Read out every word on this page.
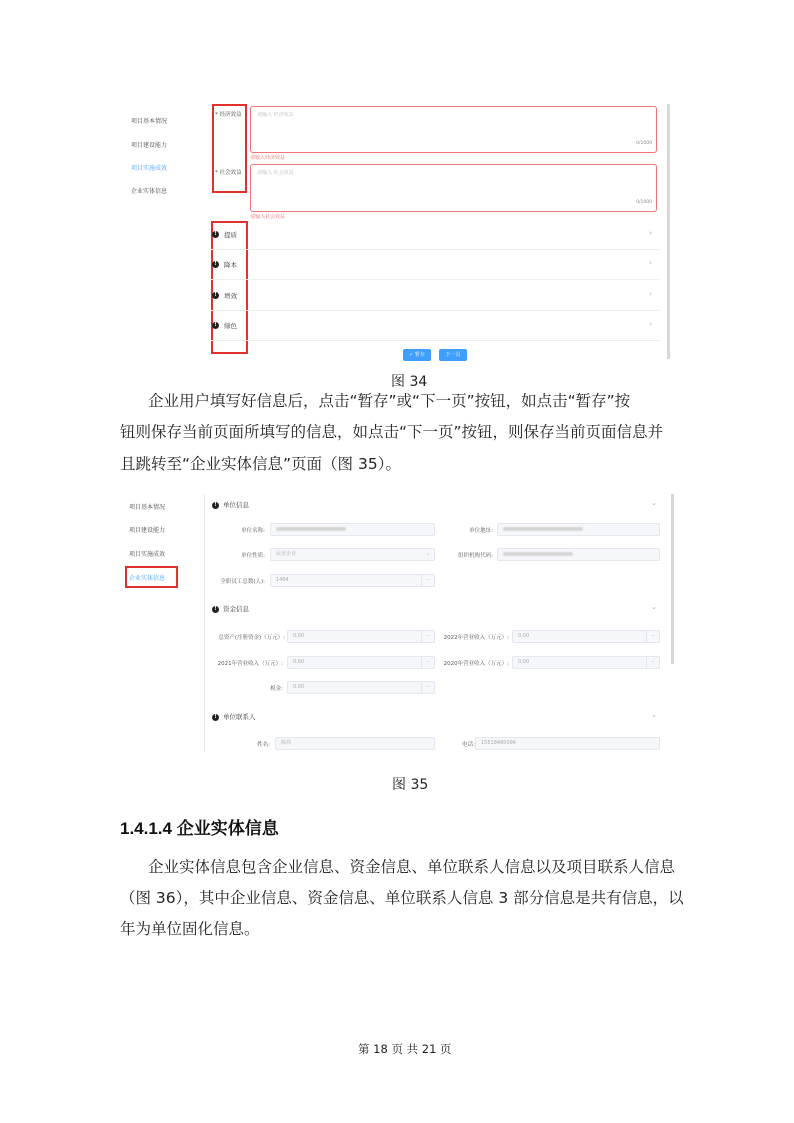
项目基本情况
项目建设能力
项目实施成效
企业实体信息
* 经济效益	请输入 经济效益
0/1000
请输入经济效益
* 社会效益	请输入 社会效益
0/1000
请输入社会效益
!	提质	›
!	降本	›
!	增效	›
!	绿色	›
✓ 暂存	下一页
图 34
企业用户填写好信息后，点击“暂存”或“下一页”按钮，如点击“暂存”按
钮则保存当前页面所填写的信息，如点击“下一页”按钮，则保存当前页面信息并
且跳转至“企业实体信息”页面（图 35）。
项目基本情况
项目建设能力
项目实施成效
企业实体信息
! 单位信息	⌄
单位名称:	单位地址:
单位性质:	民营企业	⌄	组织机构代码:
全职员工总数(人):	1464	‒
! 资金信息	⌄
总资产(注册资金)（万元）:	0.00	‒	2022年营业收入（万元）:	0.00	‒
2021年营业收入（万元）:	0.00	‒	2020年营业收入（万元）:	0.00	‒
税金:	0.00	‒
! 单位联系人	⌄
姓名:	陈伟	电话:	15518480096
图 35
1.4.1.4 企业实体信息
企业实体信息包含企业信息、资金信息、单位联系人信息以及项目联系人信息
（图 36），其中企业信息、资金信息、单位联系人信息 3 部分信息是共有信息，以
年为单位固化信息。
第 18 页 共 21 页
